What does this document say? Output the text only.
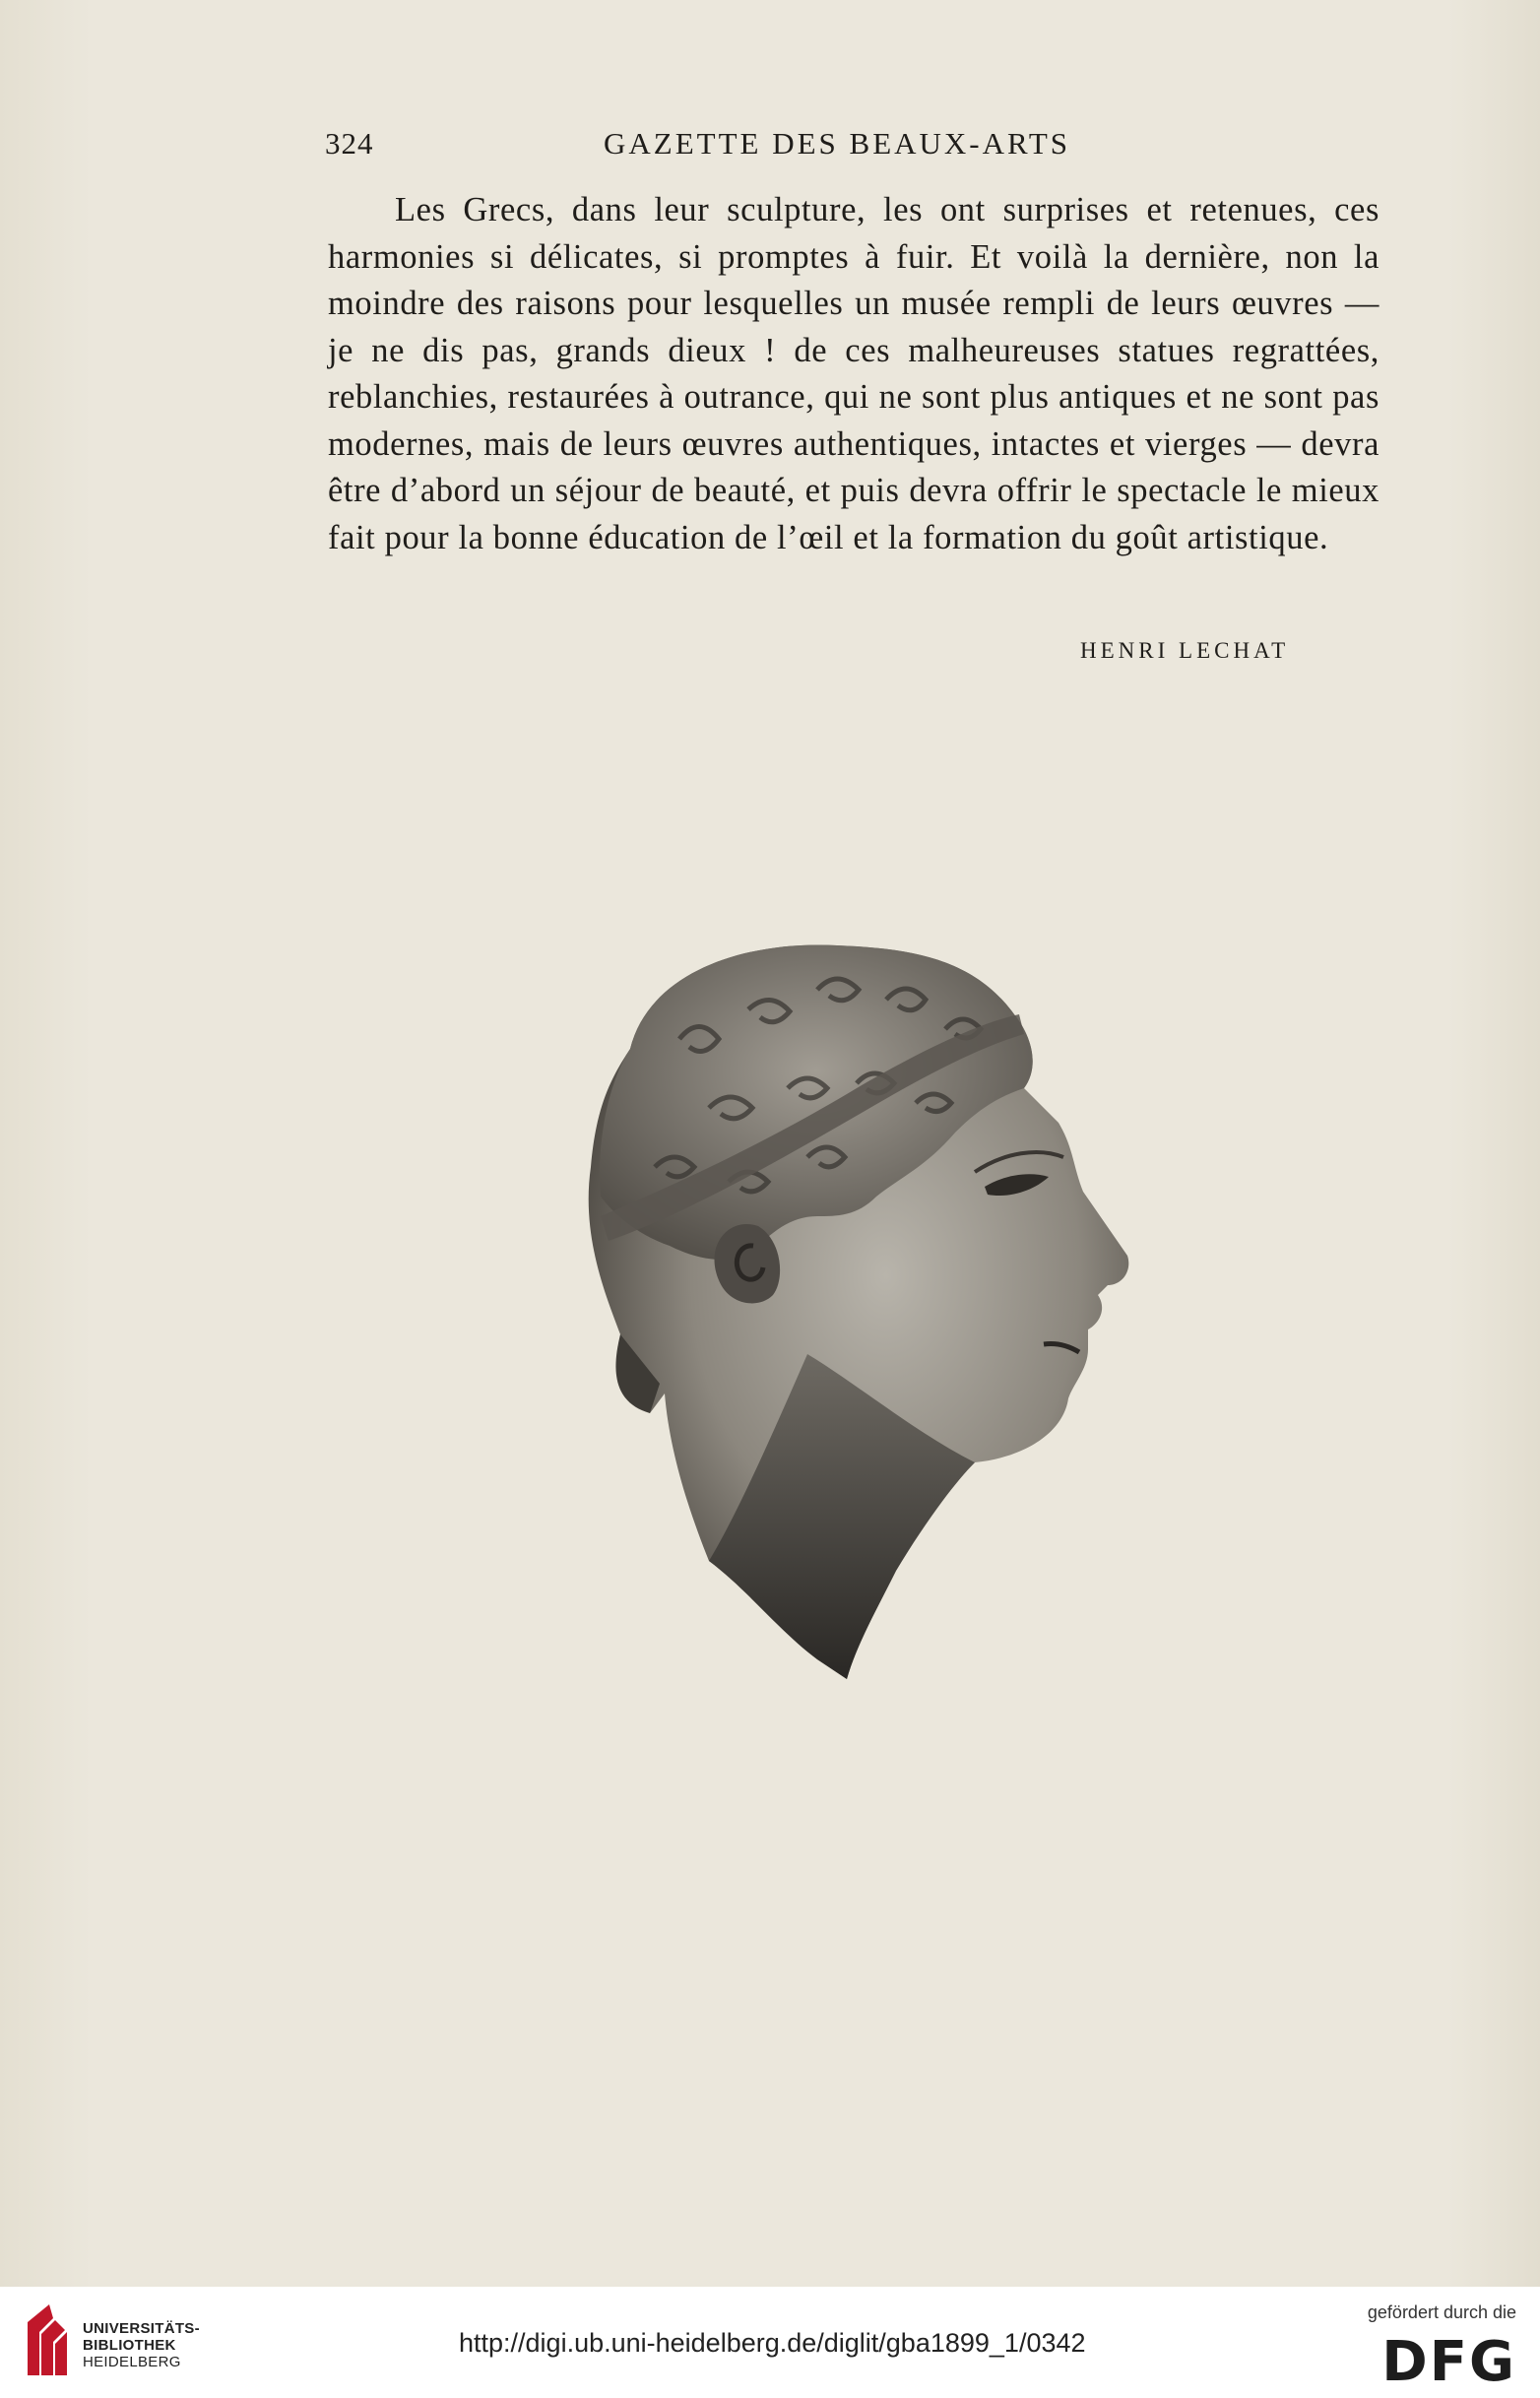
324	GAZETTE DES BEAUX-ARTS

Les Grecs, dans leur sculpture, les ont surprises et retenues, ces harmonies si délicates, si promptes à fuir. Et voilà la dernière, non la moindre des raisons pour lesquelles un musée rempli de leurs œuvres — je ne dis pas, grands dieux ! de ces malheureuses statues regrattées, reblanchies, restaurées à outrance, qui ne sont plus antiques et ne sont pas modernes, mais de leurs œuvres authentiques, intactes et vierges — devra être d’abord un séjour de beauté, et puis devra offrir le spectacle le mieux fait pour la bonne éducation de l’œil et la formation du goût artistique.

HENRI LECHAT
UNIVERSITÄTS-
BIBLIOTHEK
HEIDELBERG
http://digi.ub.uni-heidelberg.de/diglit/gba1899_1/0342
gefördert durch die
DFG
